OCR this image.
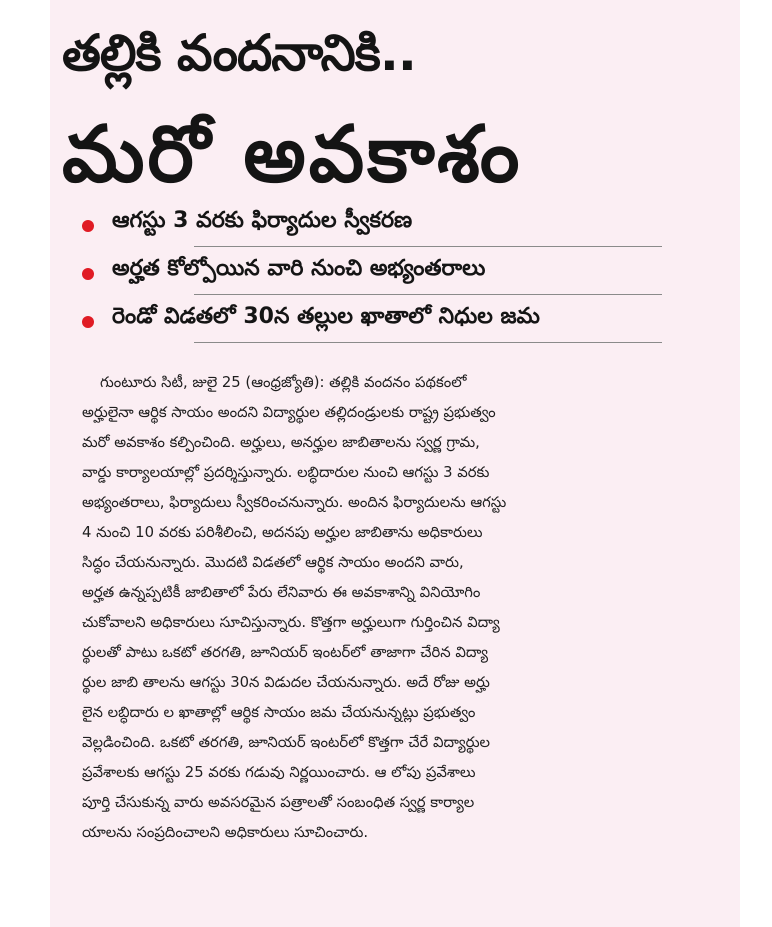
తల్లికి వందనానికి..
మరో అవకాశం
ఆగస్టు 3 వరకు ఫిర్యాదుల స్వీకరణ
అర్హత కోల్పోయిన వారి నుంచి అభ్యంతరాలు
రెండో విడతలో 30న తల్లుల ఖాతాలో నిధుల జమ
గుంటూరు సిటీ, జులై 25 (ఆంధ్రజ్యోతి): తల్లికి వందనం పథకంలో
అర్హులైనా ఆర్థిక సాయం అందని విద్యార్థుల తల్లిదండ్రులకు రాష్ట్ర ప్రభుత్వం
మరో అవకాశం కల్పించింది. అర్హులు, అనర్హుల జాబితాలను స్వర్ణ గ్రామ,
వార్డు కార్యాలయాల్లో ప్రదర్శిస్తున్నారు. లబ్ధిదారుల నుంచి ఆగస్టు 3 వరకు
అభ్యంతరాలు, ఫిర్యాదులు స్వీకరించనున్నారు. అందిన ఫిర్యాదులను ఆగస్టు
4 నుంచి 10 వరకు పరిశీలించి, అదనపు అర్హుల జాబితాను అధికారులు
సిద్ధం చేయనున్నారు. మొదటి విడతలో ఆర్థిక సాయం అందని వారు,
అర్హత ఉన్నప్పటికీ జాబితాలో పేరు లేనివారు ఈ అవకాశాన్ని వినియోగిం
చుకోవాలని అధికారులు సూచిస్తున్నారు. కొత్తగా అర్హులుగా గుర్తించిన విద్యా
ర్థులతో పాటు ఒకటో తరగతి, జూనియర్ ఇంటర్‌లో తాజాగా చేరిన విద్యా
ర్థుల జాబి తాలను ఆగస్టు 30న విడుదల చేయనున్నారు. అదే రోజు అర్హు
లైన లబ్ధిదారు ల ఖాతాల్లో ఆర్థిక సాయం జమ చేయనున్నట్లు ప్రభుత్వం
వెల్లడించింది. ఒకటో తరగతి, జూనియర్ ఇంటర్‌లో కొత్తగా చేరే విద్యార్థుల
ప్రవేశాలకు ఆగస్టు 25 వరకు గడువు నిర్ణయించారు. ఆ లోపు ప్రవేశాలు
పూర్తి చేసుకున్న వారు అవసరమైన పత్రాలతో సంబంధిత స్వర్ణ కార్యాల
యాలను సంప్రదించాలని అధికారులు సూచించారు.
